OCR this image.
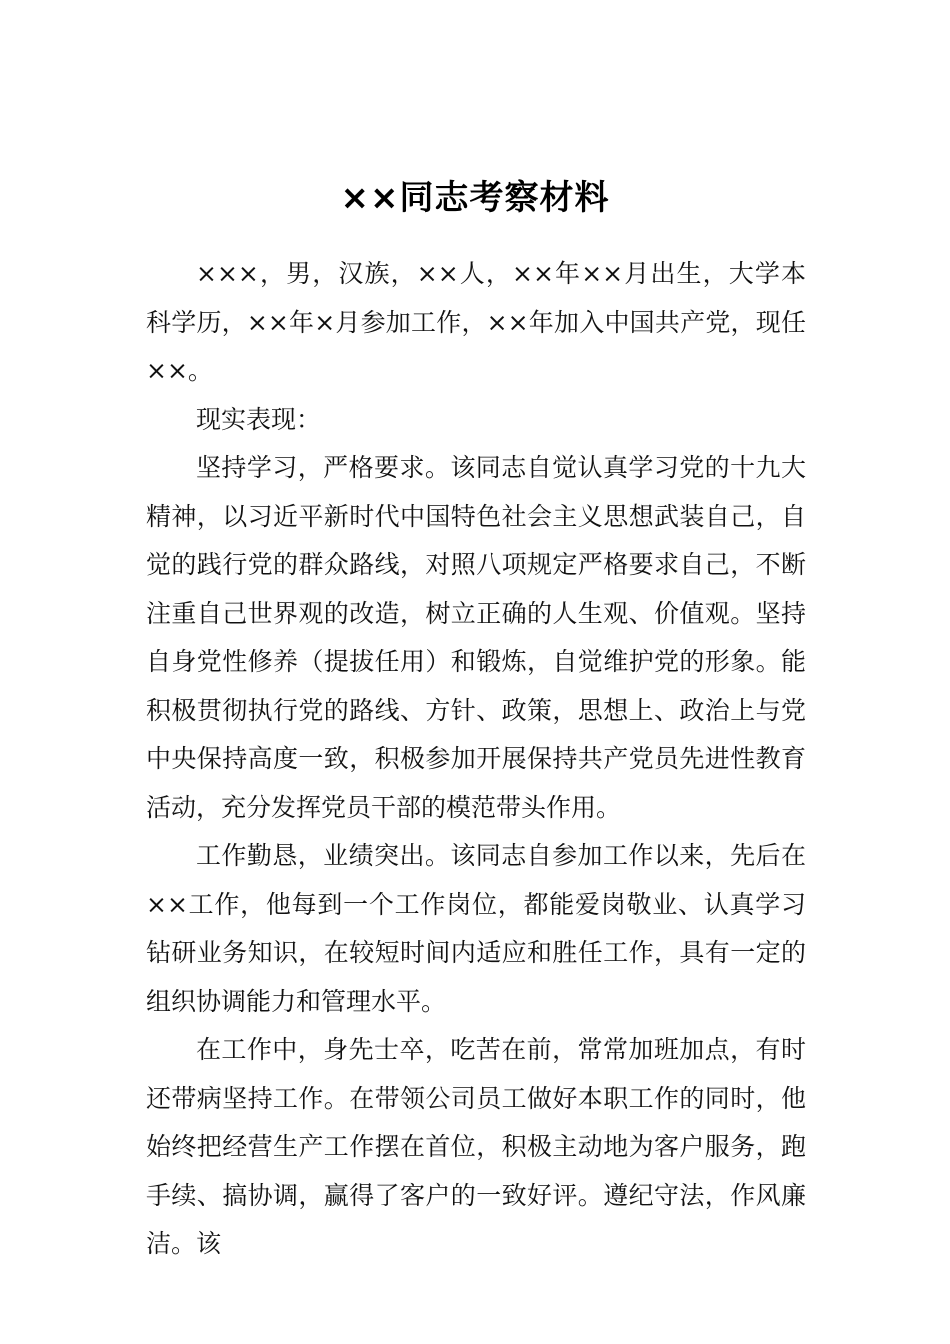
××同志考察材料

×××，男，汉族，××人，××年××月出生，大学本科学历，××年×月参加工作，××年加入中国共产党，现任××。

现实表现：

坚持学习，严格要求。该同志自觉认真学习党的十九大精神，以习近平新时代中国特色社会主义思想武装自己，自觉的践行党的群众路线，对照八项规定严格要求自己，不断注重自己世界观的改造，树立正确的人生观、价值观。坚持自身党性修养（提拔任用）和锻炼，自觉维护党的形象。能积极贯彻执行党的路线、方针、政策，思想上、政治上与党中央保持高度一致，积极参加开展保持共产党员先进性教育活动，充分发挥党员干部的模范带头作用。

工作勤恳，业绩突出。该同志自参加工作以来，先后在××工作，他每到一个工作岗位，都能爱岗敬业、认真学习钻研业务知识，在较短时间内适应和胜任工作，具有一定的组织协调能力和管理水平。

在工作中，身先士卒，吃苦在前，常常加班加点，有时还带病坚持工作。在带领公司员工做好本职工作的同时，他始终把经营生产工作摆在首位，积极主动地为客户服务，跑手续、搞协调，赢得了客户的一致好评。遵纪守法，作风廉洁。该
